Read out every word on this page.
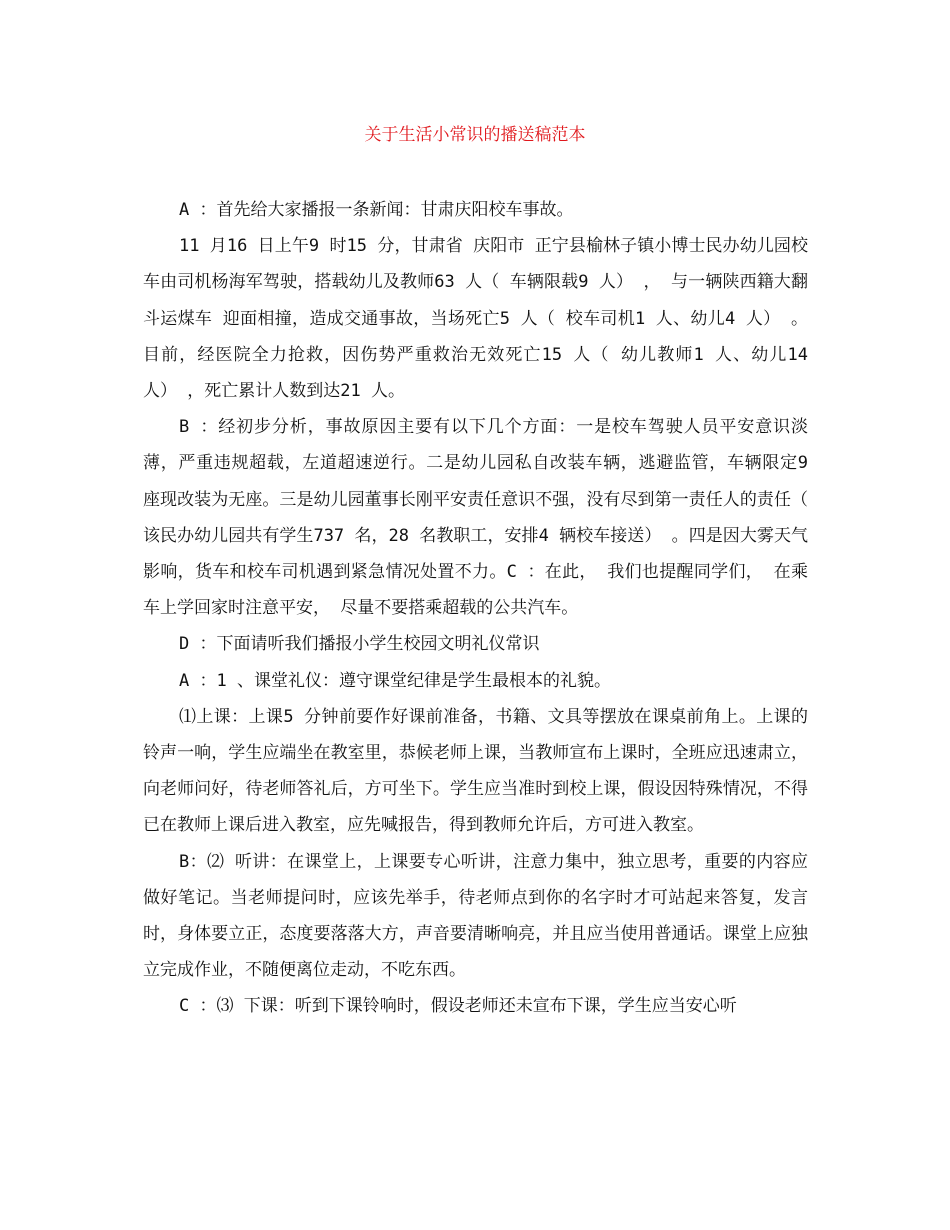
关于生活小常识的播送稿范本

A ：首先给大家播报一条新闻：甘肃庆阳校车事故。

11 月16 日上午9 时15 分，甘肃省 庆阳市 正宁县榆林子镇小博士民办幼儿园校车由司机杨海军驾驶，搭载幼儿及教师63 人（ 车辆限载9 人） ， 与一辆陕西籍大翻斗运煤车 迎面相撞，造成交通事故，当场死亡5 人（ 校车司机1 人、幼儿4 人） 。目前，经医院全力抢救，因伤势严重救治无效死亡15 人（ 幼儿教师1 人、幼儿14 人） ，死亡累计人数到达21 人。

B ：经初步分析，事故原因主要有以下几个方面：一是校车驾驶人员平安意识淡薄，严重违规超载，左道超速逆行。二是幼儿园私自改装车辆，逃避监管，车辆限定9 座现改装为无座。三是幼儿园董事长刚平安责任意识不强，没有尽到第一责任人的责任（ 该民办幼儿园共有学生737 名，28 名教职工，安排4 辆校车接送） 。四是因大雾天气影响，货车和校车司机遇到紧急情况处置不力。C ：在此， 我们也提醒同学们， 在乘车上学回家时注意平安， 尽量不要搭乘超载的公共汽车。

D ：下面请听我们播报小学生校园文明礼仪常识

A ：1 、课堂礼仪：遵守课堂纪律是学生最根本的礼貌。

⑴上课：上课5 分钟前要作好课前准备，书籍、文具等摆放在课桌前角上。上课的铃声一响，学生应端坐在教室里，恭候老师上课，当教师宣布上课时，全班应迅速肃立，向老师问好，待老师答礼后，方可坐下。学生应当准时到校上课，假设因特殊情况，不得已在教师上课后进入教室，应先喊报告，得到教师允许后，方可进入教室。

B：⑵ 听讲：在课堂上，上课要专心听讲，注意力集中，独立思考，重要的内容应做好笔记。当老师提问时，应该先举手，待老师点到你的名字时才可站起来答复，发言时，身体要立正，态度要落落大方，声音要清晰响亮，并且应当使用普通话。课堂上应独立完成作业，不随便离位走动，不吃东西。

C ：⑶ 下课：听到下课铃响时，假设老师还未宣布下课，学生应当安心听
